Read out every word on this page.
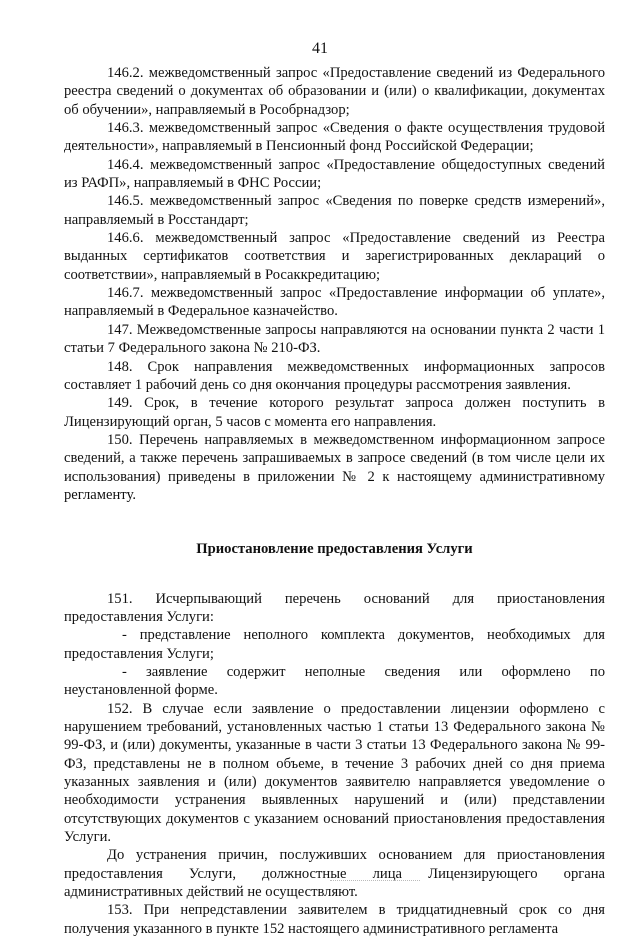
41

146.2. межведомственный запрос «Предоставление сведений из Федерального реестра сведений о документах об образовании и (или) о квалификации, документах об обучении», направляемый в Рособрнадзор;

146.3. межведомственный запрос «Сведения о факте осуществления трудовой деятельности», направляемый в Пенсионный фонд Российской Федерации;

146.4. межведомственный запрос «Предоставление общедоступных сведений из РАФП», направляемый в ФНС России;

146.5. межведомственный запрос «Сведения по поверке средств измерений», направляемый в Росстандарт;

146.6. межведомственный запрос «Предоставление сведений из Реестра выданных сертификатов соответствия и зарегистрированных деклараций о соответствии», направляемый в Росаккредитацию;

146.7. межведомственный запрос «Предоставление информации об уплате», направляемый в Федеральное казначейство.

147. Межведомственные запросы направляются на основании пункта 2 части 1 статьи 7 Федерального закона № 210-ФЗ.

148. Срок направления межведомственных информационных запросов составляет 1 рабочий день со дня окончания процедуры рассмотрения заявления.

149. Срок, в течение которого результат запроса должен поступить в Лицензирующий орган, 5 часов с момента его направления.

150. Перечень направляемых в межведомственном информационном запросе сведений, а также перечень запрашиваемых в запросе сведений (в том числе цели их использования) приведены в приложении № 2 к настоящему административному регламенту.

Приостановление предоставления Услуги

151. Исчерпывающий перечень оснований для приостановления предоставления Услуги:

- представление неполного комплекта документов, необходимых для предоставления Услуги;

- заявление содержит неполные сведения или оформлено по неустановленной форме.

152. В случае если заявление о предоставлении лицензии оформлено с нарушением требований, установленных частью 1 статьи 13 Федерального закона № 99-ФЗ, и (или) документы, указанные в части 3 статьи 13 Федерального закона № 99-ФЗ, представлены не в полном объеме, в течение 3 рабочих дней со дня приема указанных заявления и (или) документов заявителю направляется уведомление о необходимости устранения выявленных нарушений и (или) представлении отсутствующих документов с указанием оснований приостановления предоставления Услуги.

До устранения причин, послуживших основанием для приостановления предоставления Услуги, должностные лица Лицензирующего органа административных действий не осуществляют.

153. При непредставлении заявителем в тридцатидневный срок со дня получения указанного в пункте 152 настоящего административного регламента
